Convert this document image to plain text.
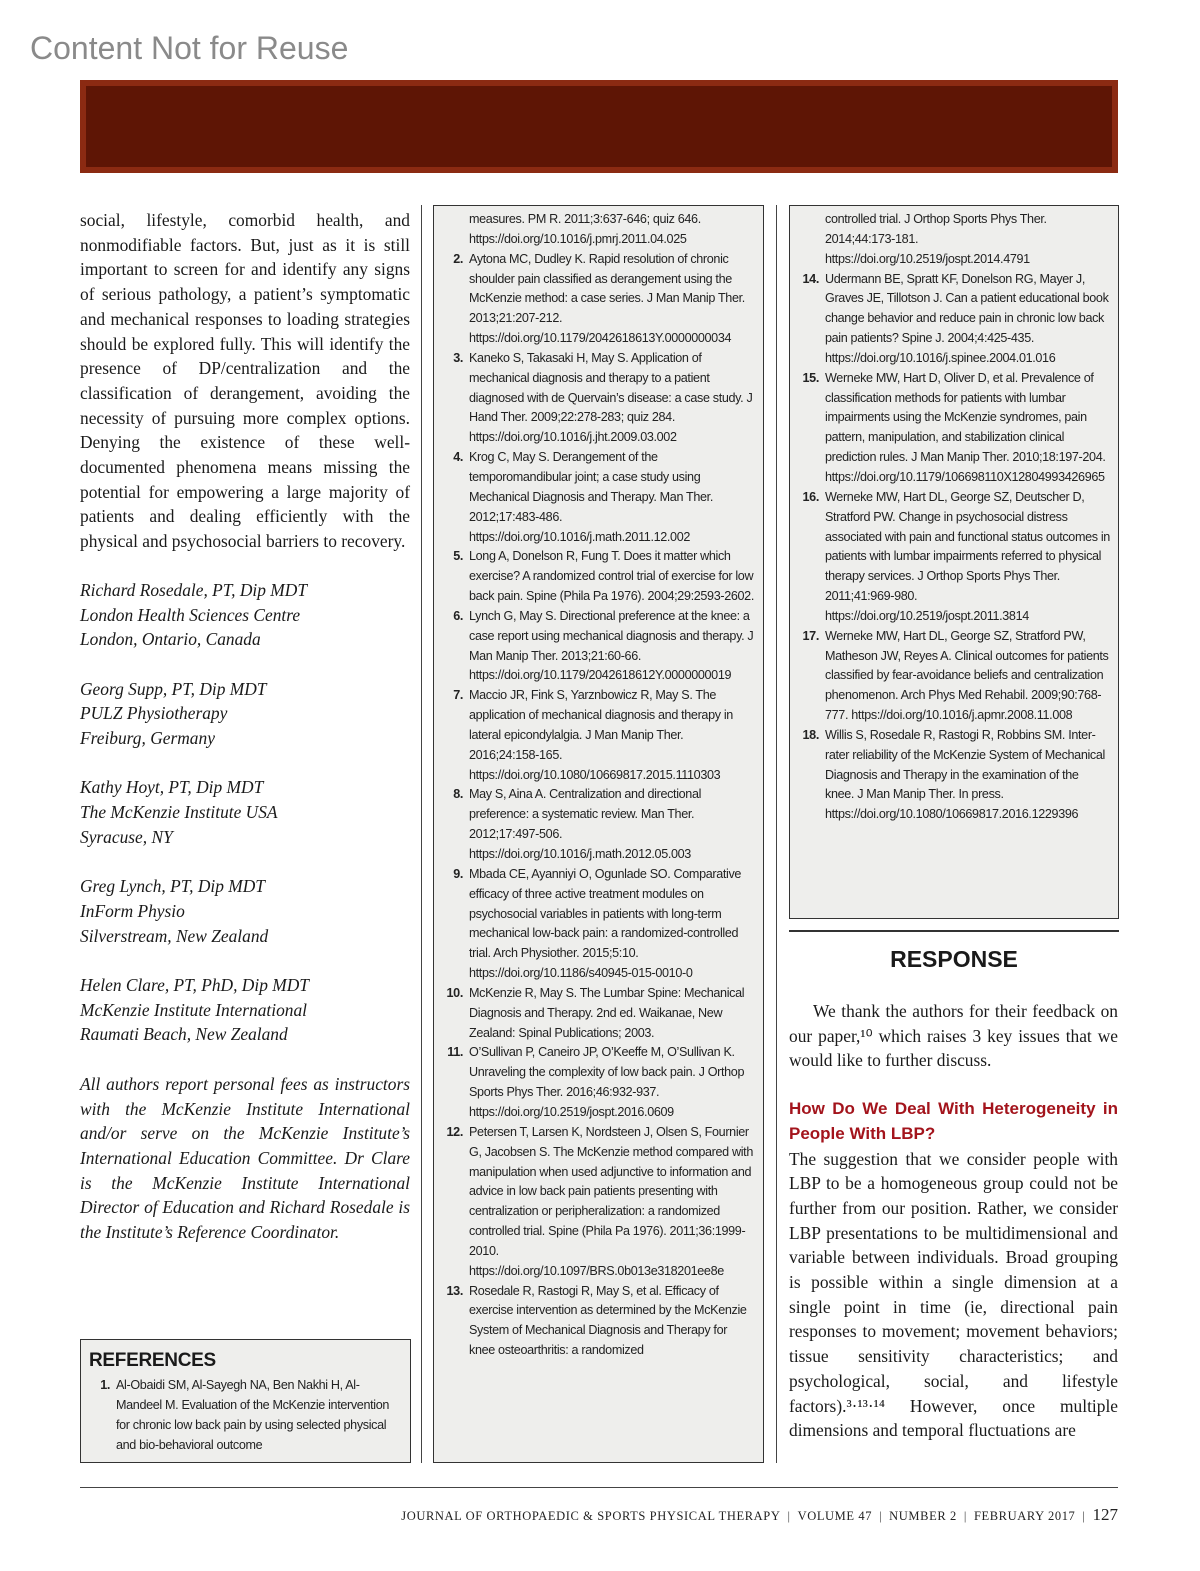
Content Not for Reuse

social, lifestyle, comorbid health, and nonmodifiable factors. But, just as it is still important to screen for and identify any signs of serious pathology, a patient’s symptomatic and mechanical responses to loading strategies should be explored fully. This will identify the presence of DP/centralization and the classification of derangement, avoiding the necessity of pursuing more complex options. Denying the existence of these well-documented phenomena means missing the potential for empowering a large majority of patients and dealing efficiently with the physical and psychosocial barriers to recovery.

Richard Rosedale, PT, Dip MDT
London Health Sciences Centre
London, Ontario, Canada
Georg Supp, PT, Dip MDT
PULZ Physiotherapy
Freiburg, Germany
Kathy Hoyt, PT, Dip MDT
The McKenzie Institute USA
Syracuse, NY
Greg Lynch, PT, Dip MDT
InForm Physio
Silverstream, New Zealand
Helen Clare, PT, PhD, Dip MDT
McKenzie Institute International
Raumati Beach, New Zealand
All authors report personal fees as instructors with the McKenzie Institute International and/or serve on the McKenzie Institute’s International Education Committee. Dr Clare is the McKenzie Institute International Director of Education and Richard Rosedale is the Institute’s Reference Coordinator.
REFERENCES
1. Al-Obaidi SM, Al-Sayegh NA, Ben Nakhi H, Al-Mandeel M. Evaluation of the McKenzie intervention for chronic low back pain by using selected physical and bio-behavioral outcome
measures. PM R. 2011;3:637-646; quiz 646. https://doi.org/10.1016/j.pmrj.2011.04.025
2. Aytona MC, Dudley K. Rapid resolution of chronic shoulder pain classified as derangement using the McKenzie method: a case series. J Man Manip Ther. 2013;21:207-212. https://doi.org/10.1179/2042618613Y.0000000034
3. Kaneko S, Takasaki H, May S. Application of mechanical diagnosis and therapy to a patient diagnosed with de Quervain’s disease: a case study. J Hand Ther. 2009;22:278-283; quiz 284. https://doi.org/10.1016/j.jht.2009.03.002
4. Krog C, May S. Derangement of the temporomandibular joint; a case study using Mechanical Diagnosis and Therapy. Man Ther. 2012;17:483-486. https://doi.org/10.1016/j.math.2011.12.002
5. Long A, Donelson R, Fung T. Does it matter which exercise? A randomized control trial of exercise for low back pain. Spine (Phila Pa 1976). 2004;29:2593-2602.
6. Lynch G, May S. Directional preference at the knee: a case report using mechanical diagnosis and therapy. J Man Manip Ther. 2013;21:60-66. https://doi.org/10.1179/2042618612Y.0000000019
7. Maccio JR, Fink S, Yarznbowicz R, May S. The application of mechanical diagnosis and therapy in lateral epicondylalgia. J Man Manip Ther. 2016;24:158-165. https://doi.org/10.1080/10669817.2015.1110303
8. May S, Aina A. Centralization and directional preference: a systematic review. Man Ther. 2012;17:497-506. https://doi.org/10.1016/j.math.2012.05.003
9. Mbada CE, Ayanniyi O, Ogunlade SO. Comparative efficacy of three active treatment modules on psychosocial variables in patients with long-term mechanical low-back pain: a randomized-controlled trial. Arch Physiother. 2015;5:10. https://doi.org/10.1186/s40945-015-0010-0
10. McKenzie R, May S. The Lumbar Spine: Mechanical Diagnosis and Therapy. 2nd ed. Waikanae, New Zealand: Spinal Publications; 2003.
11. O’Sullivan P, Caneiro JP, O’Keeffe M, O’Sullivan K. Unraveling the complexity of low back pain. J Orthop Sports Phys Ther. 2016;46:932-937. https://doi.org/10.2519/jospt.2016.0609
12. Petersen T, Larsen K, Nordsteen J, Olsen S, Fournier G, Jacobsen S. The McKenzie method compared with manipulation when used adjunctive to information and advice in low back pain patients presenting with centralization or peripheralization: a randomized controlled trial. Spine (Phila Pa 1976). 2011;36:1999-2010. https://doi.org/10.1097/BRS.0b013e318201ee8e
13. Rosedale R, Rastogi R, May S, et al. Efficacy of exercise intervention as determined by the McKenzie System of Mechanical Diagnosis and Therapy for knee osteoarthritis: a randomized
controlled trial. J Orthop Sports Phys Ther. 2014;44:173-181. https://doi.org/10.2519/jospt.2014.4791
14. Udermann BE, Spratt KF, Donelson RG, Mayer J, Graves JE, Tillotson J. Can a patient educational book change behavior and reduce pain in chronic low back pain patients? Spine J. 2004;4:425-435. https://doi.org/10.1016/j.spinee.2004.01.016
15. Werneke MW, Hart D, Oliver D, et al. Prevalence of classification methods for patients with lumbar impairments using the McKenzie syndromes, pain pattern, manipulation, and stabilization clinical prediction rules. J Man Manip Ther. 2010;18:197-204. https://doi.org/10.1179/106698110X12804993426965
16. Werneke MW, Hart DL, George SZ, Deutscher D, Stratford PW. Change in psychosocial distress associated with pain and functional status outcomes in patients with lumbar impairments referred to physical therapy services. J Orthop Sports Phys Ther. 2011;41:969-980. https://doi.org/10.2519/jospt.2011.3814
17. Werneke MW, Hart DL, George SZ, Stratford PW, Matheson JW, Reyes A. Clinical outcomes for patients classified by fear-avoidance beliefs and centralization phenomenon. Arch Phys Med Rehabil. 2009;90:768-777. https://doi.org/10.1016/j.apmr.2008.11.008
18. Willis S, Rosedale R, Rastogi R, Robbins SM. Inter-rater reliability of the McKenzie System of Mechanical Diagnosis and Therapy in the examination of the knee. J Man Manip Ther. In press. https://doi.org/10.1080/10669817.2016.1229396
RESPONSE

We thank the authors for their feedback on our paper,¹⁰ which raises 3 key issues that we would like to further discuss.

How Do We Deal With Heterogeneity in People With LBP?

The suggestion that we consider people with LBP to be a homogeneous group could not be further from our position. Rather, we consider LBP presentations to be multidimensional and variable between individuals. Broad grouping is possible within a single dimension at a single point in time (ie, directional pain responses to movement; movement behaviors; tissue sensitivity characteristics; and psychological, social, and lifestyle factors).³·¹³·¹⁴ However, once multiple dimensions and temporal fluctuations are

JOURNAL OF ORTHOPAEDIC & SPORTS PHYSICAL THERAPY | VOLUME 47 | NUMBER 2 | FEBRUARY 2017 | 127
